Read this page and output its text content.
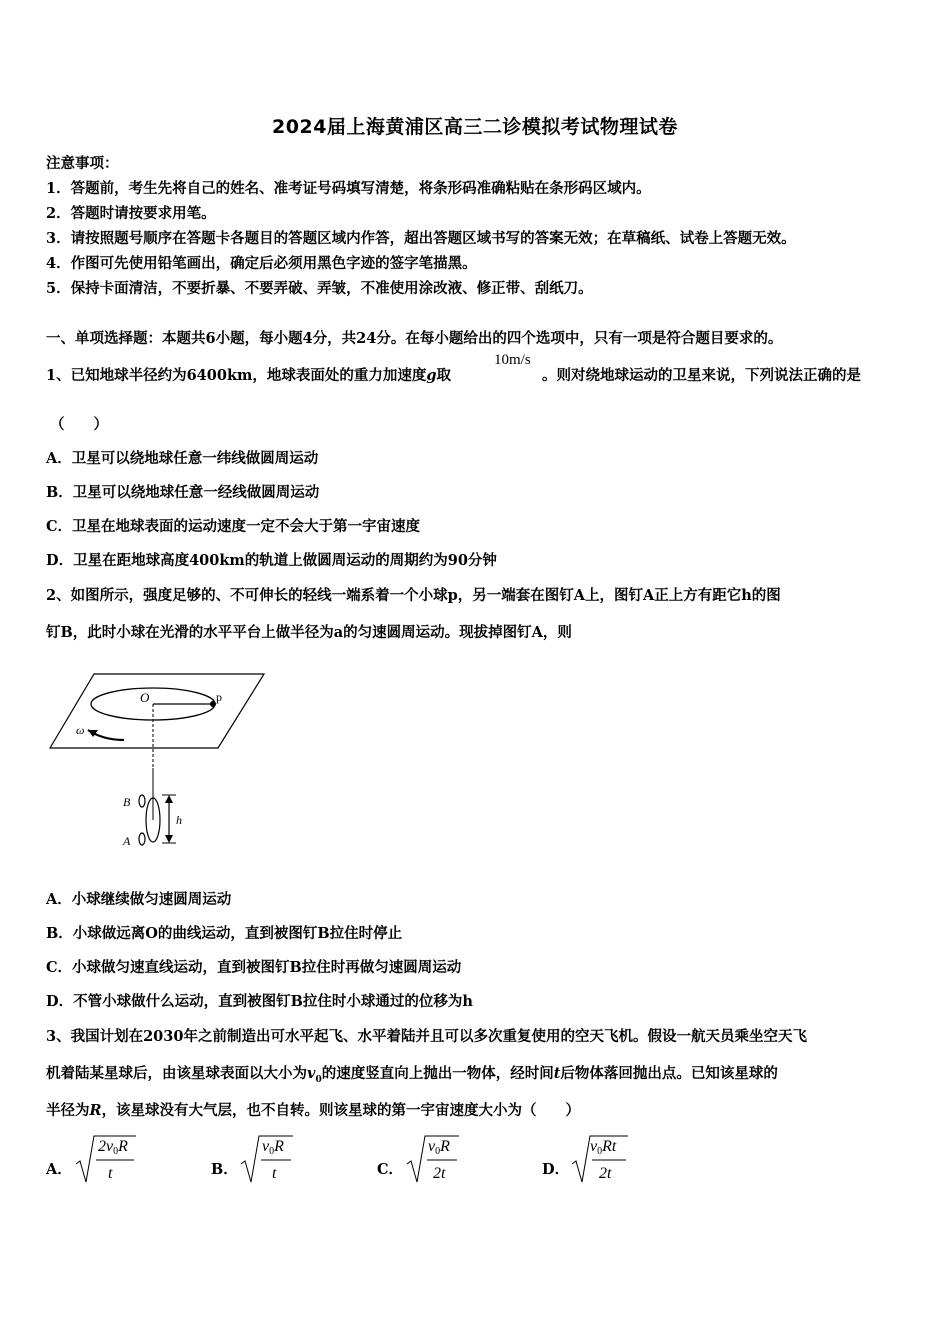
2024届上海黄浦区高三二诊模拟考试物理试卷
注意事项：
1．答题前，考生先将自己的姓名、准考证号码填写清楚，将条形码准确粘贴在条形码区域内。
2．答题时请按要求用笔。
3．请按照题号顺序在答题卡各题目的答题区域内作答，超出答题区域书写的答案无效；在草稿纸、试卷上答题无效。
4．作图可先使用铅笔画出，确定后必须用黑色字迹的签字笔描黑。
5．保持卡面清洁，不要折暴、不要弄破、弄皱，不准使用涂改液、修正带、刮纸刀。
一、单项选择题：本题共6小题，每小题4分，共24分。在每小题给出的四个选项中，只有一项是符合题目要求的。
1、已知地球半径约为6400km，地球表面处的重力加速度g取
10m/s
。则对绕地球运动的卫星来说，下列说法正确的是
（　　）
A．卫星可以绕地球任意一纬线做圆周运动
B．卫星可以绕地球任意一经线做圆周运动
C．卫星在地球表面的运动速度一定不会大于第一宇宙速度
D．卫星在距地球高度400km的轨道上做圆周运动的周期约为90分钟
2、如图所示，强度足够的、不可伸长的轻线一端系着一个小球p，另一端套在图钉A上，图钉A正上方有距它h的图
钉B，此时小球在光滑的水平平台上做半径为a的匀速圆周运动。现拔掉图钉A，则
O	p
ω
B
A
h
A．小球继续做匀速圆周运动
B．小球做远离O的曲线运动，直到被图钉B拉住时停止
C．小球做匀速直线运动，直到被图钉B拉住时再做匀速圆周运动
D．不管小球做什么运动，直到被图钉B拉住时小球通过的位移为h
3、我国计划在2030年之前制造出可水平起飞、水平着陆并且可以多次重复使用的空天飞机。假设一航天员乘坐空天飞
机着陆某星球后，由该星球表面以大小为$v_0$的速度竖直向上抛出一物体，经时间t后物体落回抛出点。已知该星球的
半径为R，该星球没有大气层，也不自转。则该星球的第一宇宙速度大小为（　　）
A．
$2v_0R$
t	B．
$v_0R$
t	C．
$v_0R$
2t	D．
$v_0Rt$
2t
